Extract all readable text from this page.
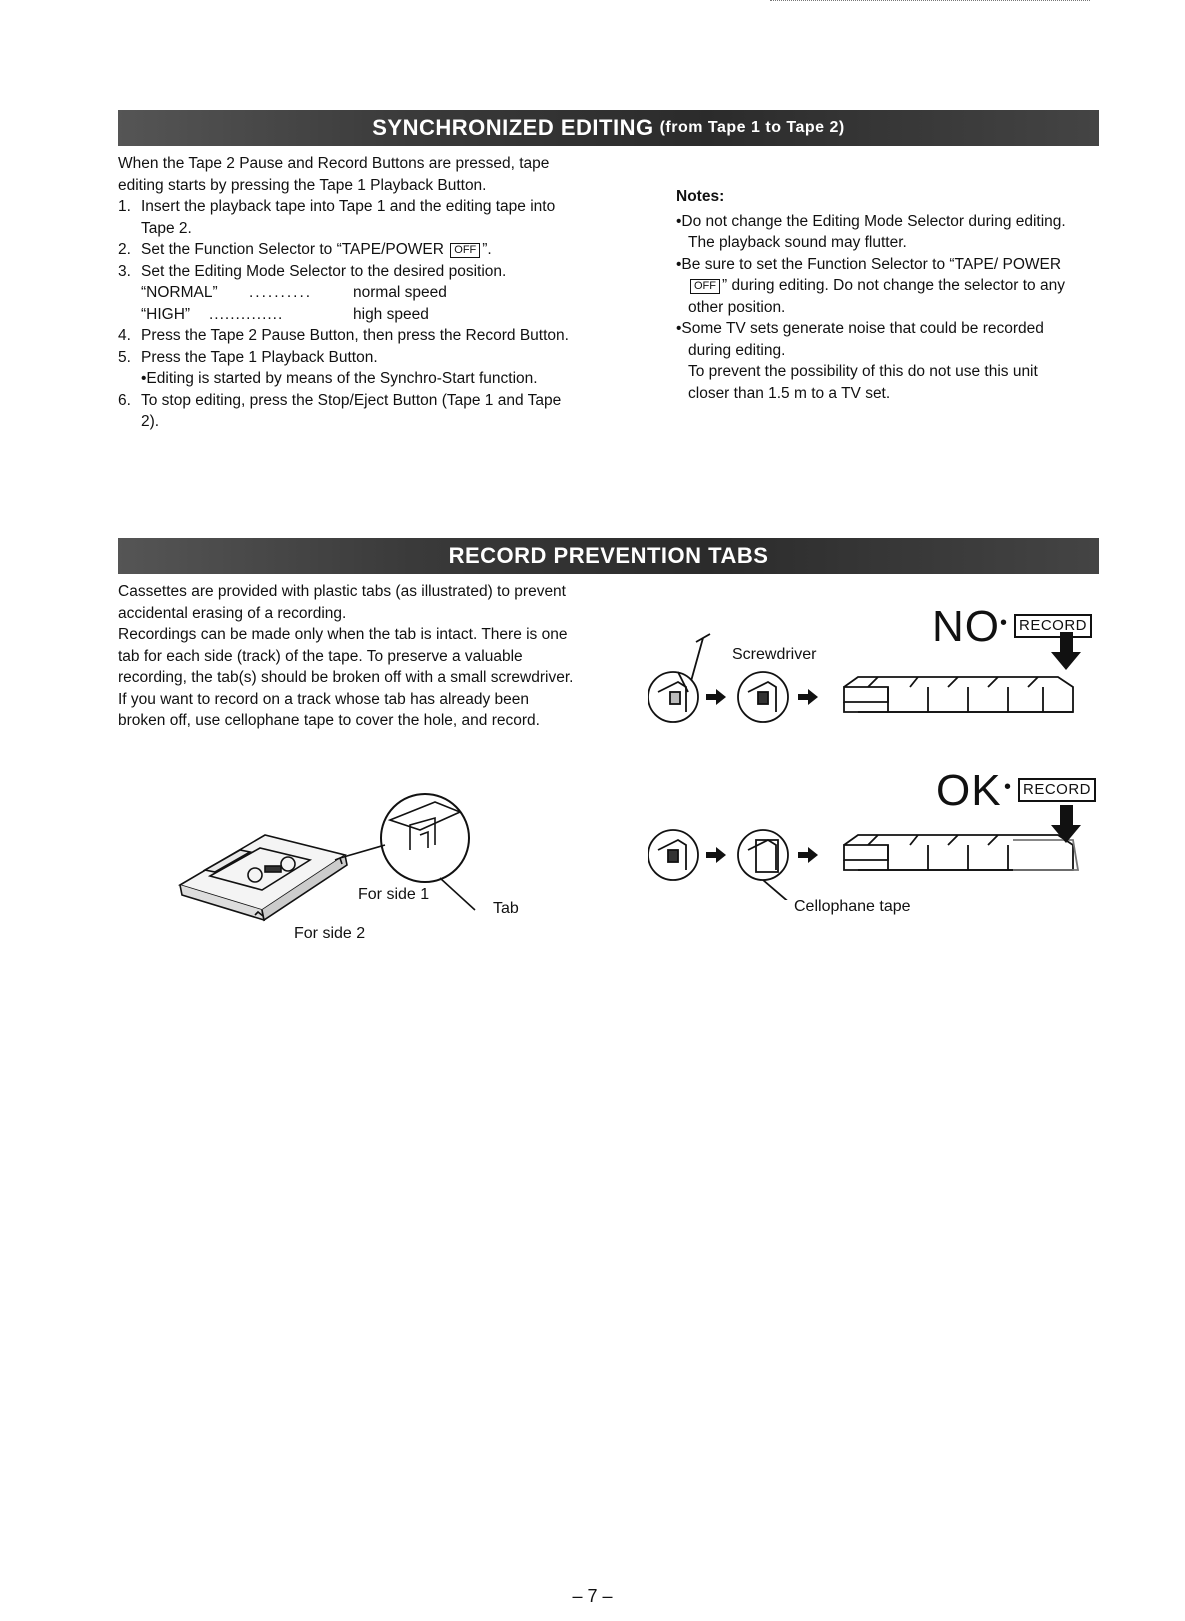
SYNCHRONIZED EDITING (from Tape 1 to Tape 2)

When the Tape 2 Pause and Record Buttons are pressed, tape editing starts by pressing the Tape 1 Playback Button.

1. Insert the playback tape into Tape 1 and the editing tape into Tape 2.
2. Set the Function Selector to “TAPE/POWER OFF ”.
3. Set the Editing Mode Selector to the desired position.
“NORMAL”	..........	normal speed
“HIGH”	..............	high speed
4. Press the Tape 2 Pause Button, then press the Record Button.
5. Press the Tape 1 Playback Button.
•Editing is started by means of the Synchro-Start function.
6. To stop editing, press the Stop/Eject Button (Tape 1 and Tape 2).
Notes:
•Do not change the Editing Mode Selector during editing. The playback sound may flutter.
•Be sure to set the Function Selector to “TAPE/ POWER OFF ” during editing. Do not change the selector to any other position.
•Some TV sets generate noise that could be recorded during editing.
To prevent the possibility of this do not use this unit closer than 1.5 m to a TV set.
RECORD PREVENTION TABS

Cassettes are provided with plastic tabs (as illustrated) to prevent accidental erasing of a recording.

Recordings can be made only when the tab is intact. There is one tab for each side (track) of the tape. To preserve a valuable recording, the tab(s) should be broken off with a small screwdriver.

If you want to record on a track whose tab has already been broken off, use cellophane tape to cover the hole, and record.

For side 1
For side 2
Tab
Screwdriver
NO • RECORD
OK • RECORD
Cellophane tape
– 7 –
